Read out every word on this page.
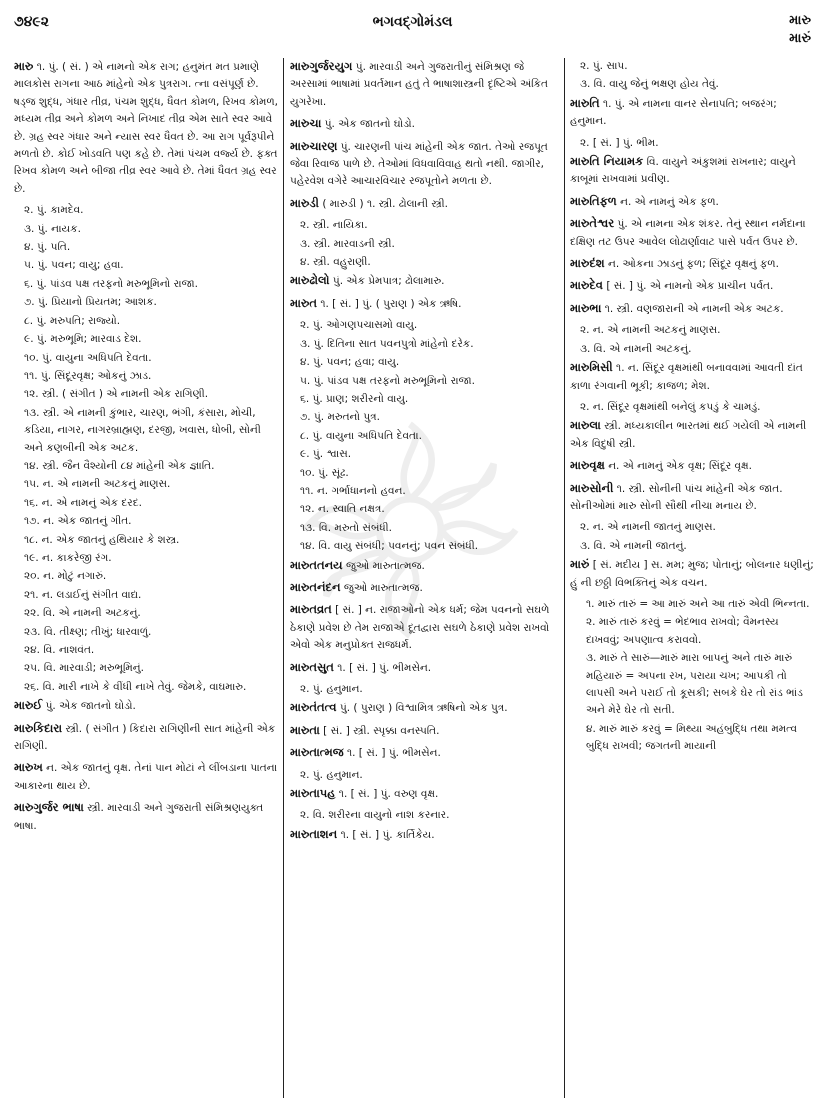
૭૪૯૨	ભગવદ્ગોમંડલ	મારુ
મારું
મારુ ૧. પું. ( સં. ) એ નામનો એક રાગ; હનુમંત મત પ્રમાણે માલકોસ રાગના આઠ માંહેનો એક પુત્રરાગ. ત્ના વસંપૂર્ણ છે. ષડ્જ શુદ્ધ, ગંધાર તીવ્ર, પંચમ શુદ્ધ, ધૈવત કોમળ, રિખવ કોમળ, મધ્યમ તીવ્ર અને કોમળ અને નિખાદ તીવ્ર એમ સાતે સ્વર આવે છે. ગ્રહ સ્વર ગંધાર અને ન્યાસ સ્વર ધૈવત છે. આ રાગ પૂર્વરૂપીને મળતો છે. કોઈ ખોડવતિ પણ કહે છે. તેમાં પંચમ વર્જ્ય છે. ફક્ત રિખવ કોમળ અને બીજા તીવ્ર સ્વર આવે છે. તેમાં ધૈવત ગ્રહ સ્વર છે.
૨. પું. કામદેવ.
૩. પું. નાયક.
૪. પું. પતિ.
૫. પું. પવન; વાયુ; હવા.
૬. પું. પાંડવ પક્ષ તરફનો મરુભૂમિનો રાજા.
૭. પું. પ્રિયાનો પ્રિયતમ; આશક.
૮. પું. મરુપતિ; રાજ્યો.
૯. પું. મરુભૂમિ; મારવાડ દેશ.
૧૦. પું. વાયુના અધિપતિ દેવતા.
૧૧. પું. સિંદૂરવૃક્ષ; ઓકનું ઝાડ.
૧૨. સ્ત્રી. ( સંગીત ) એ નામની એક રાગિણી.
૧૩. સ્ત્રી. એ નામની કુંભાર, ચારણ, ભંગી, કંસારા, મોચી, કડિયા, નાગર, નાગરબ્રાહ્મણ, દરજી, ખવાસ, ધોબી, સોની અને કણબીની એક અટક.
૧૪. સ્ત્રી. જૈન વૈશ્યોની ૮૪ માંહેની એક જ્ઞાતિ.
૧૫. ન. એ નામની અટકનું માણસ.
૧૬. ન. એ નામનું એક દરદ.
૧૭. ન. એક જાતનું ગીત.
૧૮. ન. એક જાતનું હથિયાર કે શસ્ત્ર.
૧૯. ન. કાકરેજી રંગ.
૨૦. ન. મોટું નગારું.
૨૧. ન. લડાઈનું સંગીત વાદ્ય.
૨૨. વિ. એ નામની અટકનું.
૨૩. વિ. તીક્ષ્ણ; તીખું; ધારવાળું.
૨૪. વિ. નાશવંત.
૨૫. વિ. મારવાડી; મરુભૂમિનું.
૨૬. વિ. મારી નાખે કે વીંધી નાખે તેવું. જેમકે, વાઘમારુ.
મારુઈ પું. એક જાતનો ઘોડો.
મારુકિદારા સ્ત્રી. ( સંગીત ) કિદારા રાગિણીની સાત માંહેની એક રાગિણી.
મારુખ ન. એક જાતનું વૃક્ષ. તેનાં પાન મોટાં ને લીંબડાના પાતના આકારના થાય છે.
મારુગુર્જર ભાષા સ્ત્રી. મારવાડી અને ગુજરાતી સંમિશ્રણયુક્ત ભાષા.
મારુગુર્જરયુગ પું. મારવાડી અને ગુજરાતીનું સંમિશ્રણ જે અરસામાં ભાષામાં પ્રવર્તમાન હતું તે ભાષાશાસ્ત્રની દૃષ્ટિએ અંકિત યુગરેખા.
મારુચા પું. એક જાતનો ઘોડો.
મારુચારણ પું. ચારણની પાંચ માંહેની એક જાત. તેઓ રજપૂત જેવા રિવાજ પાળે છે. તેઓમાં વિધવાવિવાહ થતો નથી. જાગીર, પહેરવેશ વગેરે આચારવિચાર રજપૂતોને મળતા છે.
મારુડી ( મારુડી ) ૧. સ્ત્રી. ઢોલાની સ્ત્રી.
૨. સ્ત્રી. નાયિકા.
૩. સ્ત્રી. મારવાડની સ્ત્રી.
૪. સ્ત્રી. વહુરાણી.
મારુઢોલો પું. એક પ્રેમપાત્ર; ઢોલામારુ.
મારુત ૧. [ સં. ] પું. ( પુરાણ ) એક ઋષિ.
૨. પું. ઓગણપચાસમો વાયુ.
૩. પું. દિતિના સાત પવનપુત્રો માંહેનો દરેક.
૪. પું. પવન; હવા; વાયુ.
૫. પું. પાંડવ પક્ષ તરફનો મરુભૂમિનો રાજા.
૬. પું. પ્રાણ; શરીરનો વાયુ.
૭. પું. મરુતનો પુત્ર.
૮. પું. વાયુના અધિપતિ દેવતા.
૯. પું. શ્વાસ.
૧૦. પું. સૂંઢ.
૧૧. ન. ગર્ભાધાનનો હવન.
૧૨. ન. સ્વાતિ નક્ષત્ર.
૧૩. વિ. મરુતો સંબંધી.
૧૪. વિ. વાયુ સંબંધી; પવનનું; પવન સંબંધી.
મારુતતનય જુઓ મારુતાત્મજ.
મારુતનંદન જુઓ મારુતાત્મજ.
મારુતવ્રત [ સં. ] ન. રાજાઓનો એક ધર્મ; જેમ પવનનો સઘળે ઠેકાણે પ્રવેશ છે તેમ રાજાએ દૂતદ્વારા સઘળે ઠેકાણે પ્રવેશ રાખવો એવો એક મનુપ્રોક્ત રાજધર્મ.
મારુતસુત ૧. [ સં. ] પું. ભીમસેન.
૨. પું. હનુમાન.
મારુતંતત્વ પું. ( પુરાણ ) વિશ્વામિત્ર ઋષિનો એક પુત્ર.
મારુતા [ સં. ] સ્ત્રી. સ્પૃક્કા વનસ્પતિ.
મારુતાત્મજ ૧. [ સં. ] પું. ભીમસેન.
૨. પું. હનુમાન.
મારુતાપહ ૧. [ સં. ] પું. વરુણ વૃક્ષ.
૨. વિ. શરીરના વાયુનો નાશ કરનાર.
મારુતાશન ૧. [ સં. ] પું. કાર્તિકેય.
૨. પું. સાપ.
૩. વિ. વાયુ જેનું ભક્ષણ હોય તેવું.
મારુતિ ૧. પું. એ નામના વાનર સેનાપતિ; બજરંગ; હનુમાન.
૨. [ સં. ] પું. ભીમ.
મારુતિ નિયામક વિ. વાયુને અંકુશમાં રાખનાર; વાયુને કાબૂમાં રાખવામાં પ્રવીણ.
મારુતિફળ ન. એ નામનું એક ફળ.
મારુતેશ્વર પું. એ નામના એક શંકર. તેનું સ્થાન નર્મદાના દક્ષિણ તટ ઉપર આવેલ લોઢાર્ણાવાટ પાસે પર્વત ઉપર છે.
મારુદંશ ન. ઓકના ઝાડનું ફળ; સિંદૂર વૃક્ષનું ફળ.
મારુદેવ [ સં. ] પું. એ નામનો એક પ્રાચીન પર્વત.
મારુભા ૧. સ્ત્રી. વણજારાની એ નામની એક અટક.
૨. ન. એ નામની અટકનું માણસ.
૩. વિ. એ નામની અટકનું.
મારુમિસી ૧. ન. સિંદૂર વૃક્ષમાંથી બનાવવામાં આવતી દાંત કાળા રંગવાની ભૂકી; કાજળ; મેશ.
૨. ન. સિંદૂર વૃક્ષમાંથી બનેલું કપડું કે ચામડું.
મારુલા સ્ત્રી. મધ્યકાલીન ભારતમાં થઈ ગયેલી એ નામની એક વિદુષી સ્ત્રી.
મારુવૃક્ષ ન. એ નામનું એક વૃક્ષ; સિંદૂર વૃક્ષ.
મારુસોની ૧. સ્ત્રી. સોનીની પાંચ માંહેની એક જાત. સોનીઓમાં મારુ સોની સૌથી નીચા મનાય છે.
૨. ન. એ નામની જાતનું માણસ.
૩. વિ. એ નામની જાતનું.
મારું [ સં. મદીય ] સ. મમ; મુજ; પોતાનું; બોલનાર ધણીનું; હું ની છઠ્ઠી વિભક્તિનું એક વચન.
૧. મારું તારું = આ મારું અને આ તારું એવી ભિન્નતા.
૨. મારું તારું કરવું = ભેદભાવ રાખવો; વૈમનસ્ય દાખવવું; અપણાત્વ કરાવવો.
૩. મારું તે સારું—મારું મારા બાપનું અને તારું મારું મહિયારું = અપના રખ, પરાયા ચખ; આપકી તો લાપસી અને પરાઈ તો કૂસકી; સબકે ઘેર તો રાંડ ભાંડ અને મેરે ઘેર તો સતી.
૪. મારું મારું કરવું = મિથ્યા અહંબુદ્ધિ તથા મમત્વ બુદ્ધિ રાખવી; જગતની માયાની
